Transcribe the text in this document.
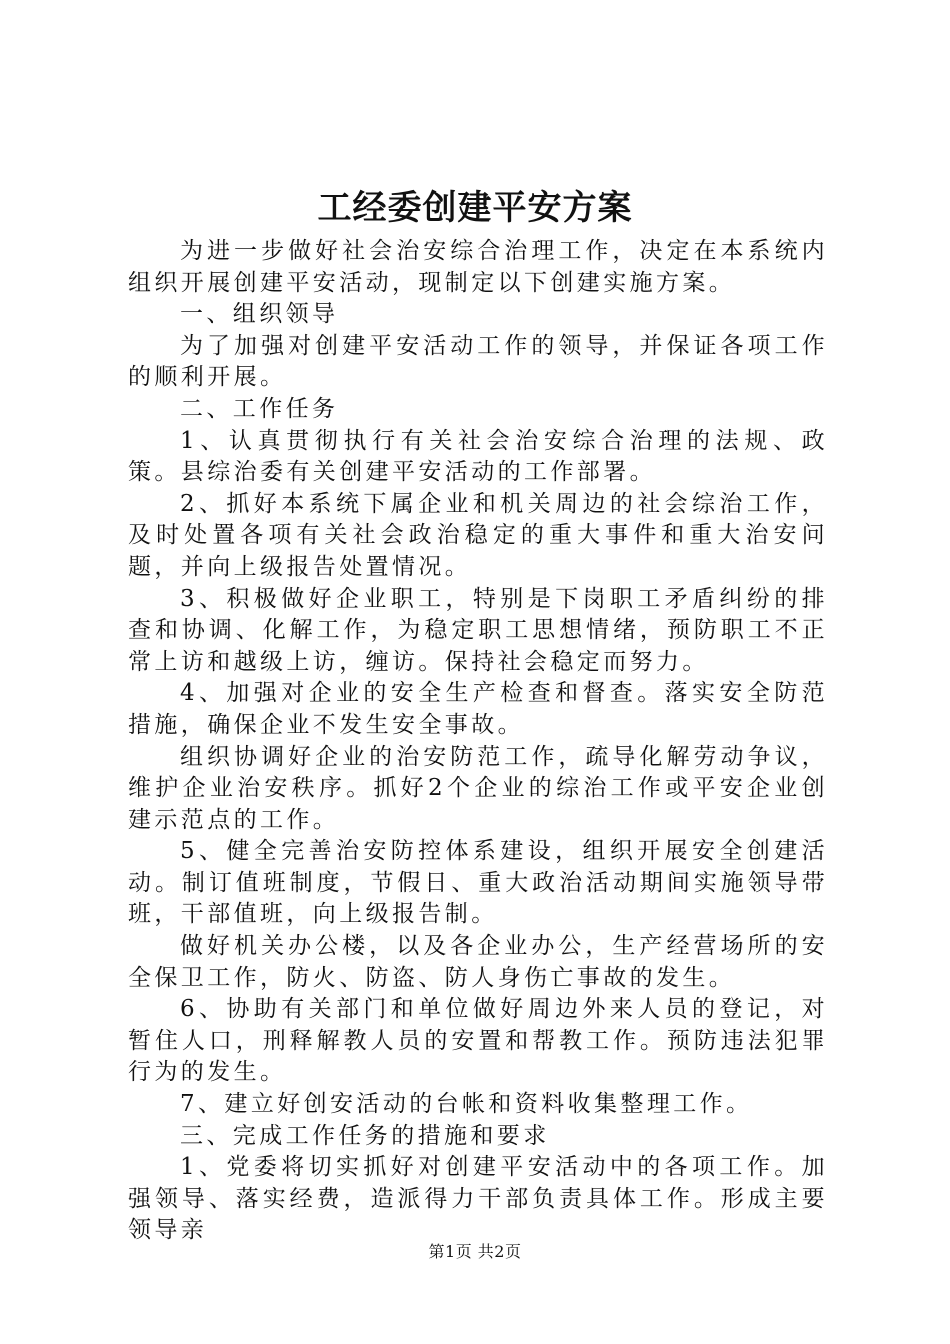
工经委创建平安方案

为进一步做好社会治安综合治理工作，决定在本系统内组织开展创建平安活动，现制定以下创建实施方案。

一、组织领导

为了加强对创建平安活动工作的领导，并保证各项工作的顺利开展。

二、工作任务

1、认真贯彻执行有关社会治安综合治理的法规、政策。县综治委有关创建平安活动的工作部署。

2、抓好本系统下属企业和机关周边的社会综治工作，及时处置各项有关社会政治稳定的重大事件和重大治安问题，并向上级报告处置情况。

3、积极做好企业职工，特别是下岗职工矛盾纠纷的排查和协调、化解工作，为稳定职工思想情绪，预防职工不正常上访和越级上访，缠访。保持社会稳定而努力。

4、加强对企业的安全生产检查和督查。落实安全防范措施，确保企业不发生安全事故。

组织协调好企业的治安防范工作，疏导化解劳动争议，维护企业治安秩序。抓好2个企业的综治工作或平安企业创建示范点的工作。

5、健全完善治安防控体系建设，组织开展安全创建活动。制订值班制度，节假日、重大政治活动期间实施领导带班，干部值班，向上级报告制。

做好机关办公楼，以及各企业办公，生产经营场所的安全保卫工作，防火、防盗、防人身伤亡事故的发生。

6、协助有关部门和单位做好周边外来人员的登记，对暂住人口，刑释解教人员的安置和帮教工作。预防违法犯罪行为的发生。

7、建立好创安活动的台帐和资料收集整理工作。

三、完成工作任务的措施和要求

1、党委将切实抓好对创建平安活动中的各项工作。加强领导、落实经费，造派得力干部负责具体工作。形成主要领导亲

第1页 共2页
